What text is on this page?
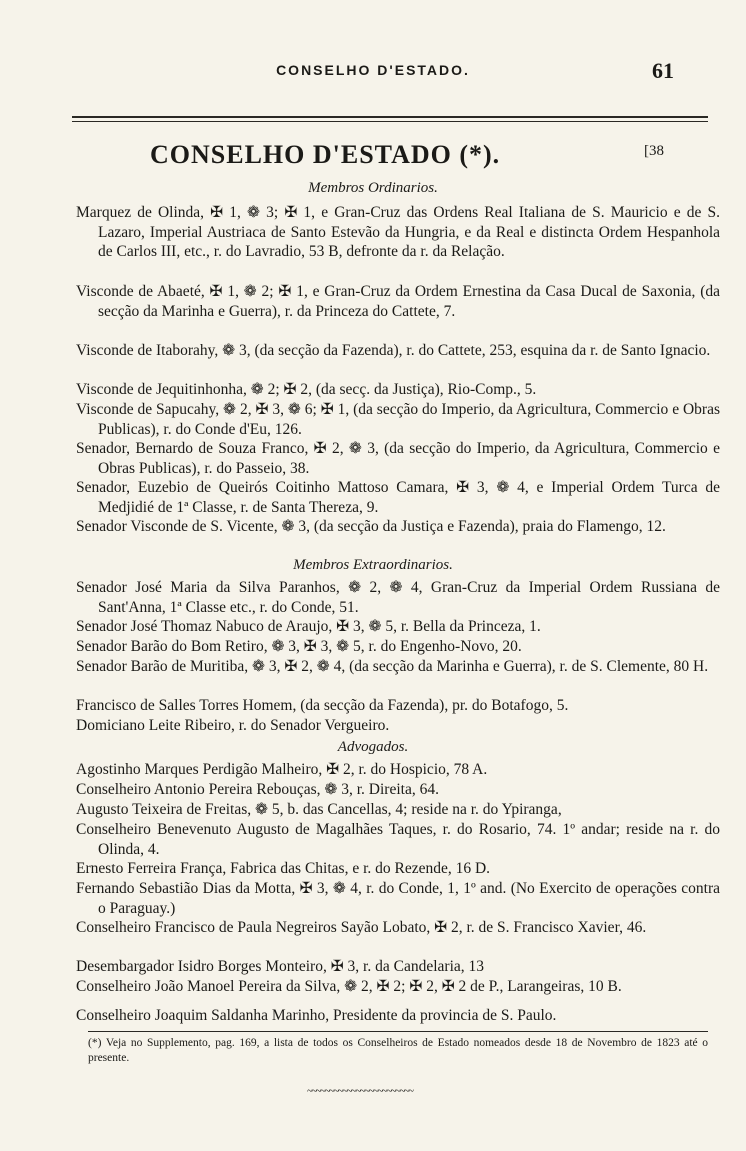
CONSELHO D'ESTADO.	61
CONSELHO D'ESTADO (*).	[38
Membros Ordinarios.
Marquez de Olinda, ✠ 1, ❁ 3; ✠ 1, e Gran-Cruz das Ordens Real Italiana de S. Mauricio e de S. Lazaro, Imperial Austriaca de Santo Estevão da Hungria, e da Real e distincta Ordem Hespanhola de Carlos III, etc., r. do Lavradio, 53 B, defronte da r. da Relação.
Visconde de Abaeté, ✠ 1, ❁ 2; ✠ 1, e Gran-Cruz da Ordem Ernestina da Casa Ducal de Saxonia, (da secção da Marinha e Guerra), r. da Princeza do Cattete, 7.
Visconde de Itaborahy, ❁ 3, (da secção da Fazenda), r. do Cattete, 253, esquina da r. de Santo Ignacio.
Visconde de Jequitinhonha, ❁ 2; ✠ 2, (da secç. da Justiça), Rio-Comp., 5.
Visconde de Sapucahy, ❁ 2, ✠ 3, ❁ 6; ✠ 1, (da secção do Imperio, da Agricultura, Commercio e Obras Publicas), r. do Conde d'Eu, 126.
Senador, Bernardo de Souza Franco, ✠ 2, ❁ 3, (da secção do Imperio, da Agricultura, Commercio e Obras Publicas), r. do Passeio, 38.
Senador, Euzebio de Queirós Coitinho Mattoso Camara, ✠ 3, ❁ 4, e Imperial Ordem Turca de Medjidié de 1ª Classe, r. de Santa Thereza, 9.
Senador Visconde de S. Vicente, ❁ 3, (da secção da Justiça e Fazenda), praia do Flamengo, 12.
Membros Extraordinarios.
Senador José Maria da Silva Paranhos, ❁ 2, ❁ 4, Gran-Cruz da Imperial Ordem Russiana de Sant'Anna, 1ª Classe etc., r. do Conde, 51.
Senador José Thomaz Nabuco de Araujo, ✠ 3, ❁ 5, r. Bella da Princeza, 1.
Senador Barão do Bom Retiro, ❁ 3, ✠ 3, ❁ 5, r. do Engenho-Novo, 20.
Senador Barão de Muritiba, ❁ 3, ✠ 2, ❁ 4, (da secção da Marinha e Guerra), r. de S. Clemente, 80 H.
Francisco de Salles Torres Homem, (da secção da Fazenda), pr. do Botafogo, 5.
Domiciano Leite Ribeiro, r. do Senador Vergueiro.
Advogados.
Agostinho Marques Perdigão Malheiro, ✠ 2, r. do Hospicio, 78 A.
Conselheiro Antonio Pereira Rebouças, ❁ 3, r. Direita, 64.
Augusto Teixeira de Freitas, ❁ 5, b. das Cancellas, 4; reside na r. do Ypiranga,
Conselheiro Benevenuto Augusto de Magalhães Taques, r. do Rosario, 74. 1º andar; reside na r. do Olinda, 4.
Ernesto Ferreira França, Fabrica das Chitas, e r. do Rezende, 16 D.
Fernando Sebastião Dias da Motta, ✠ 3, ❁ 4, r. do Conde, 1, 1º and. (No Exercito de operações contra o Paraguay.)
Conselheiro Francisco de Paula Negreiros Sayão Lobato, ✠ 2, r. de S. Francisco Xavier, 46.
Desembargador Isidro Borges Monteiro, ✠ 3, r. da Candelaria, 13
Conselheiro João Manoel Pereira da Silva, ❁ 2, ✠ 2; ✠ 2, ✠ 2 de P., Larangeiras, 10 B.
Conselheiro Joaquim Saldanha Marinho, Presidente da provincia de S. Paulo.
(*) Veja no Supplemento, pag. 169, a lista de todos os Conselheiros de Estado nomeados desde 18 de Novembro de 1823 até o presente.
~~~~~~~~~~~~~~~~~~~~~~~~
